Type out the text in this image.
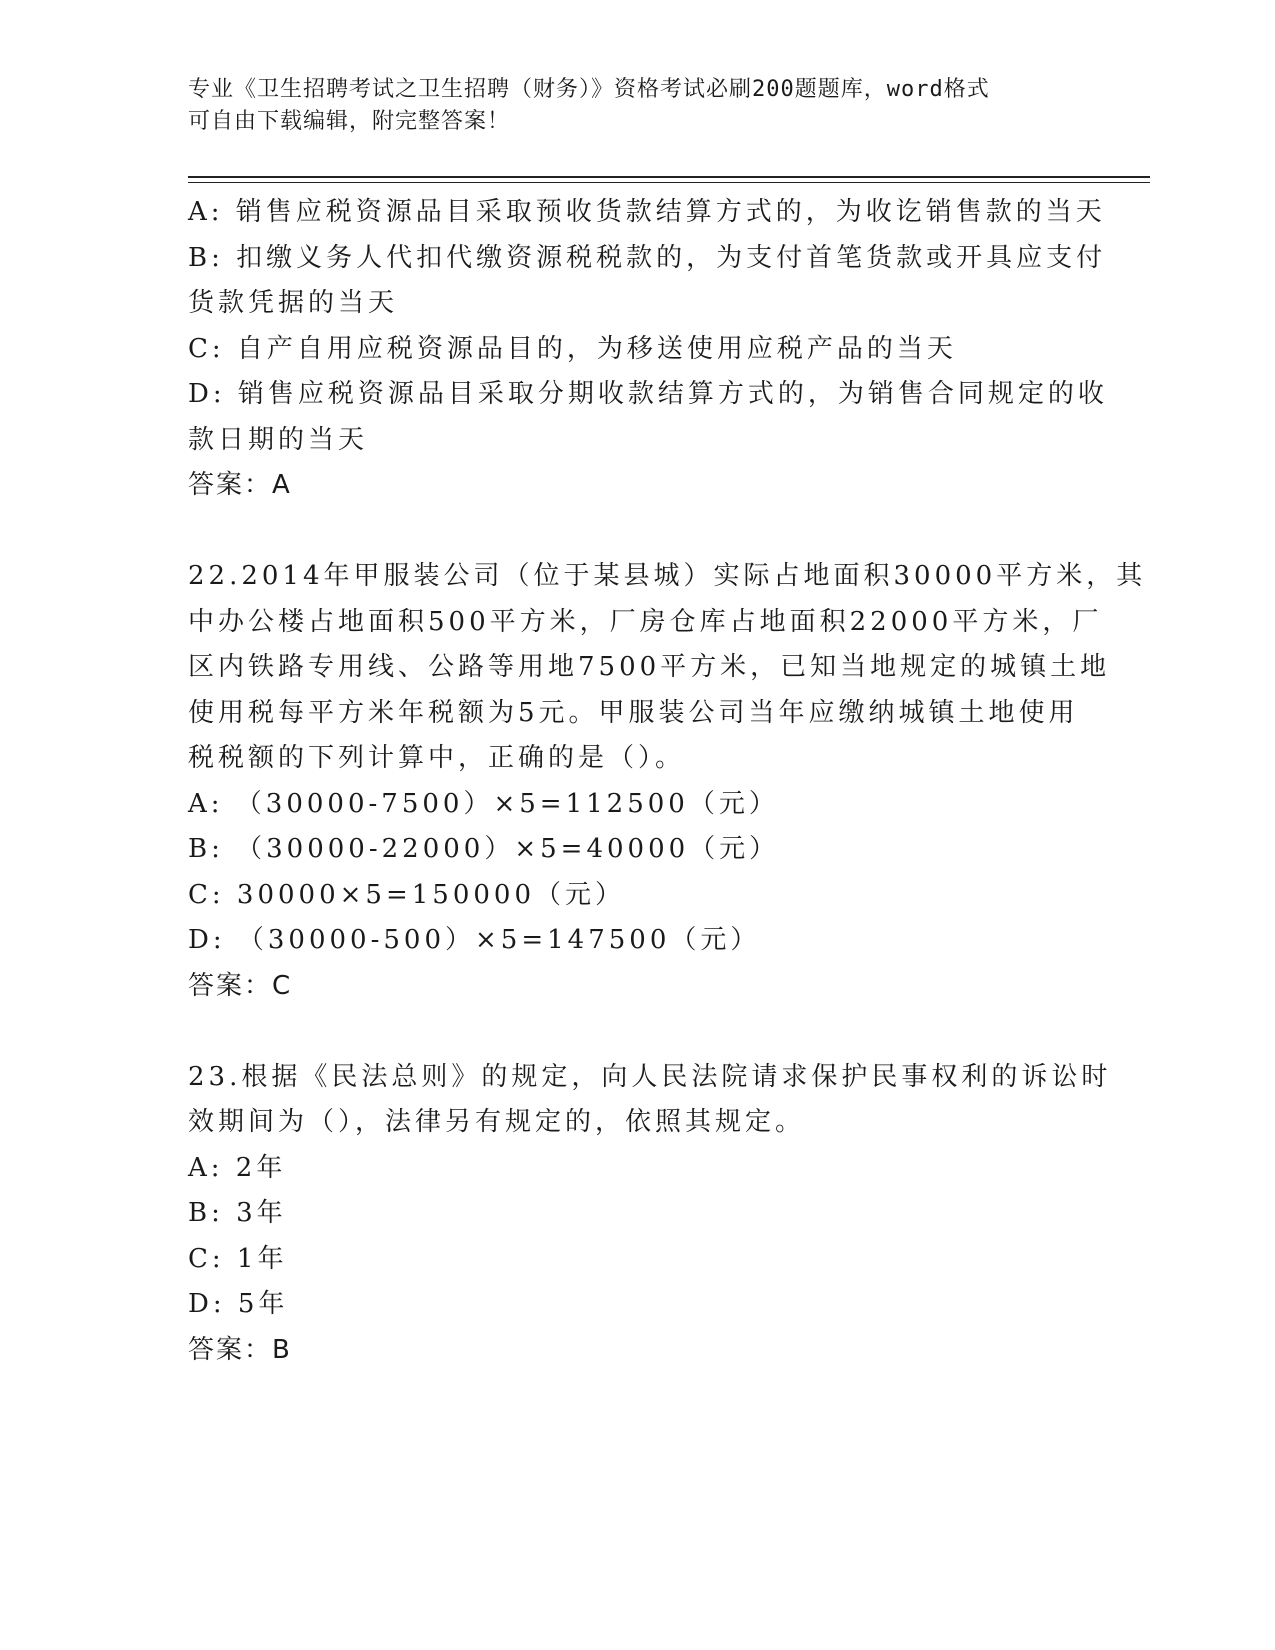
专业《卫生招聘考试之卫生招聘（财务）》资格考试必刷200题题库，word格式
可自由下载编辑，附完整答案！
A: 销售应税资源品目采取预收货款结算方式的，为收讫销售款的当天
B: 扣缴义务人代扣代缴资源税税款的，为支付首笔货款或开具应支付
货款凭据的当天
C: 自产自用应税资源品目的，为移送使用应税产品的当天
D: 销售应税资源品目采取分期收款结算方式的，为销售合同规定的收
款日期的当天
答案：A
22.2014年甲服装公司（位于某县城）实际占地面积30000平方米，其
中办公楼占地面积500平方米，厂房仓库占地面积22000平方米，厂
区内铁路专用线、公路等用地7500平方米，已知当地规定的城镇土地
使用税每平方米年税额为5元。甲服装公司当年应缴纳城镇土地使用
税税额的下列计算中，正确的是（）。
A: （30000-7500）×5=112500（元）
B: （30000-22000）×5=40000（元）
C: 30000×5=150000（元）
D: （30000-500）×5=147500（元）
答案：C
23.根据《民法总则》的规定，向人民法院请求保护民事权利的诉讼时
效期间为（），法律另有规定的，依照其规定。
A: 2年
B: 3年
C: 1年
D: 5年
答案：B
